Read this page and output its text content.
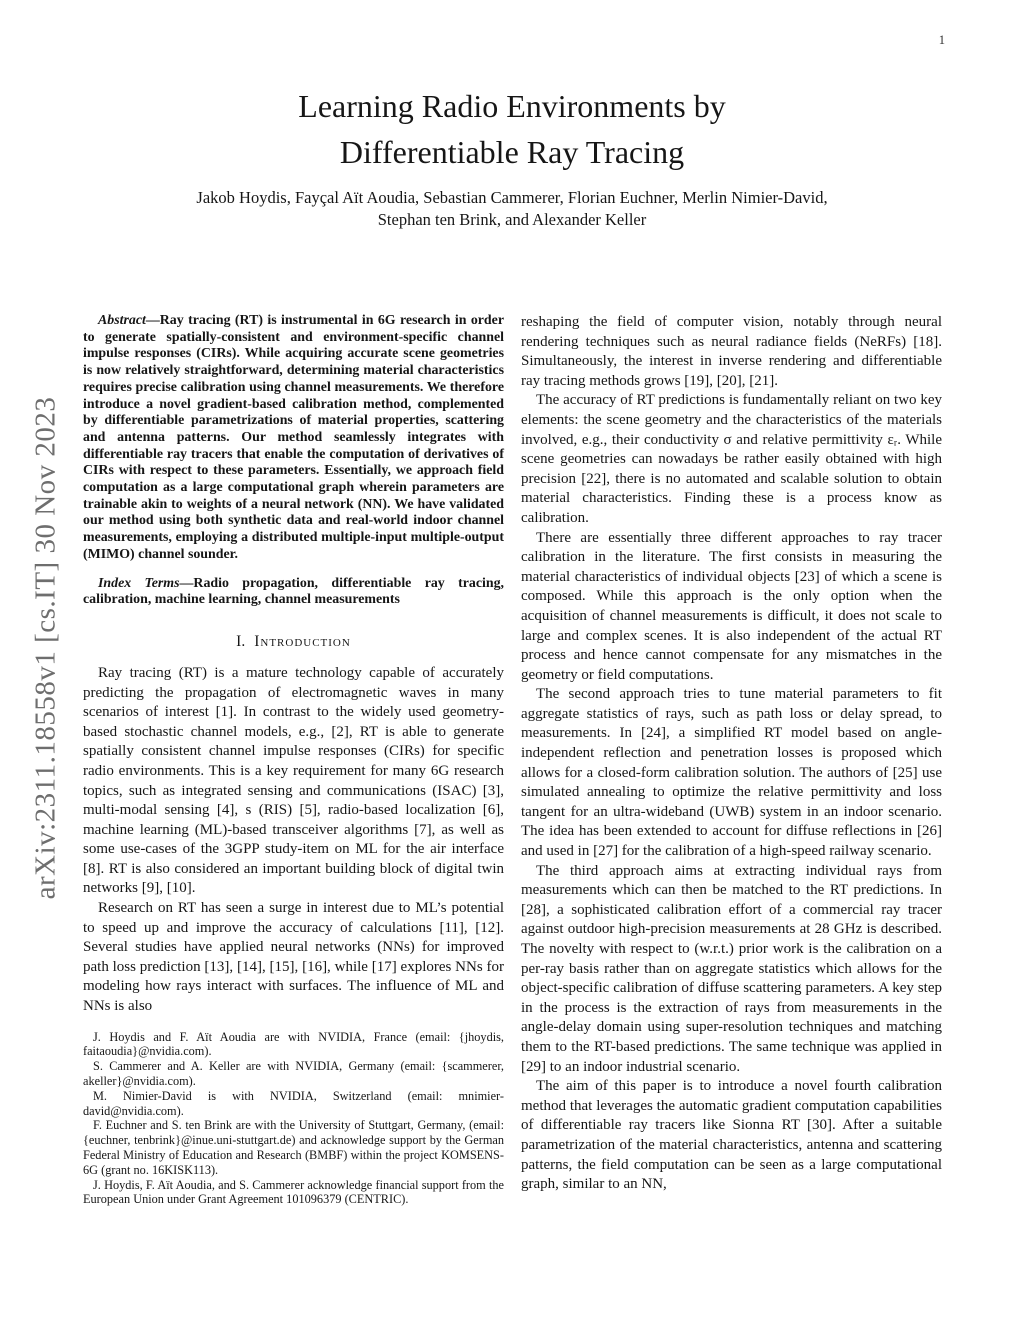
1
arXiv:2311.18558v1 [cs.IT] 30 Nov 2023
Learning Radio Environments by
Differentiable Ray Tracing
Jakob Hoydis, Fayçal Aït Aoudia, Sebastian Cammerer, Florian Euchner, Merlin Nimier-David,
Stephan ten Brink, and Alexander Keller

Abstract—Ray tracing (RT) is instrumental in 6G research in order to generate spatially-consistent and environment-specific channel impulse responses (CIRs). While acquiring accurate scene geometries is now relatively straightforward, determining material characteristics requires precise calibration using channel measurements. We therefore introduce a novel gradient-based calibration method, complemented by differentiable parametrizations of material properties, scattering and antenna patterns. Our method seamlessly integrates with differentiable ray tracers that enable the computation of derivatives of CIRs with respect to these parameters. Essentially, we approach field computation as a large computational graph wherein parameters are trainable akin to weights of a neural network (NN). We have validated our method using both synthetic data and real-world indoor channel measurements, employing a distributed multiple-input multiple-output (MIMO) channel sounder.

Index Terms—Radio propagation, differentiable ray tracing, calibration, machine learning, channel measurements

I. Introduction

Ray tracing (RT) is a mature technology capable of accurately predicting the propagation of electromagnetic waves in many scenarios of interest [1]. In contrast to the widely used geometry-based stochastic channel models, e.g., [2], RT is able to generate spatially consistent channel impulse responses (CIRs) for specific radio environments. This is a key requirement for many 6G research topics, such as integrated sensing and communications (ISAC) [3], multi-modal sensing [4], s (RIS) [5], radio-based localization [6], machine learning (ML)-based transceiver algorithms [7], as well as some use-cases of the 3GPP study-item on ML for the air interface [8]. RT is also considered an important building block of digital twin networks [9], [10].

Research on RT has seen a surge in interest due to ML’s potential to speed up and improve the accuracy of calculations [11], [12]. Several studies have applied neural networks (NNs) for improved path loss prediction [13], [14], [15], [16], while [17] explores NNs for modeling how rays interact with surfaces. The influence of ML and NNs is also

J. Hoydis and F. Aït Aoudia are with NVIDIA, France (email: {jhoydis, faitaoudia}@nvidia.com).

S. Cammerer and A. Keller are with NVIDIA, Germany (email: {scammerer, akeller}@nvidia.com).

M. Nimier-David is with NVIDIA, Switzerland (email: mnimier-david@nvidia.com).

F. Euchner and S. ten Brink are with the University of Stuttgart, Germany, (email: {euchner, tenbrink}@inue.uni-stuttgart.de) and acknowledge support by the German Federal Ministry of Education and Research (BMBF) within the project KOMSENS-6G (grant no. 16KISK113).

J. Hoydis, F. Aït Aoudia, and S. Cammerer acknowledge financial support from the European Union under Grant Agreement 101096379 (CENTRIC).

reshaping the field of computer vision, notably through neural rendering techniques such as neural radiance fields (NeRFs) [18]. Simultaneously, the interest in inverse rendering and differentiable ray tracing methods grows [19], [20], [21].

The accuracy of RT predictions is fundamentally reliant on two key elements: the scene geometry and the characteristics of the materials involved, e.g., their conductivity σ and relative permittivity εᵣ. While scene geometries can nowadays be rather easily obtained with high precision [22], there is no automated and scalable solution to obtain material characteristics. Finding these is a process know as calibration.

There are essentially three different approaches to ray tracer calibration in the literature. The first consists in measuring the material characteristics of individual objects [23] of which a scene is composed. While this approach is the only option when the acquisition of channel measurements is difficult, it does not scale to large and complex scenes. It is also independent of the actual RT process and hence cannot compensate for any mismatches in the geometry or field computations.

The second approach tries to tune material parameters to fit aggregate statistics of rays, such as path loss or delay spread, to measurements. In [24], a simplified RT model based on angle-independent reflection and penetration losses is proposed which allows for a closed-form calibration solution. The authors of [25] use simulated annealing to optimize the relative permittivity and loss tangent for an ultra-wideband (UWB) system in an indoor scenario. The idea has been extended to account for diffuse reflections in [26] and used in [27] for the calibration of a high-speed railway scenario.

The third approach aims at extracting individual rays from measurements which can then be matched to the RT predictions. In [28], a sophisticated calibration effort of a commercial ray tracer against outdoor high-precision measurements at 28 GHz is described. The novelty with respect to (w.r.t.) prior work is the calibration on a per-ray basis rather than on aggregate statistics which allows for the object-specific calibration of diffuse scattering parameters. A key step in the process is the extraction of rays from measurements in the angle-delay domain using super-resolution techniques and matching them to the RT-based predictions. The same technique was applied in [29] to an indoor industrial scenario.

The aim of this paper is to introduce a novel fourth calibration method that leverages the automatic gradient computation capabilities of differentiable ray tracers like Sionna RT [30]. After a suitable parametrization of the material characteristics, antenna and scattering patterns, the field computation can be seen as a large computational graph, similar to an NN,
